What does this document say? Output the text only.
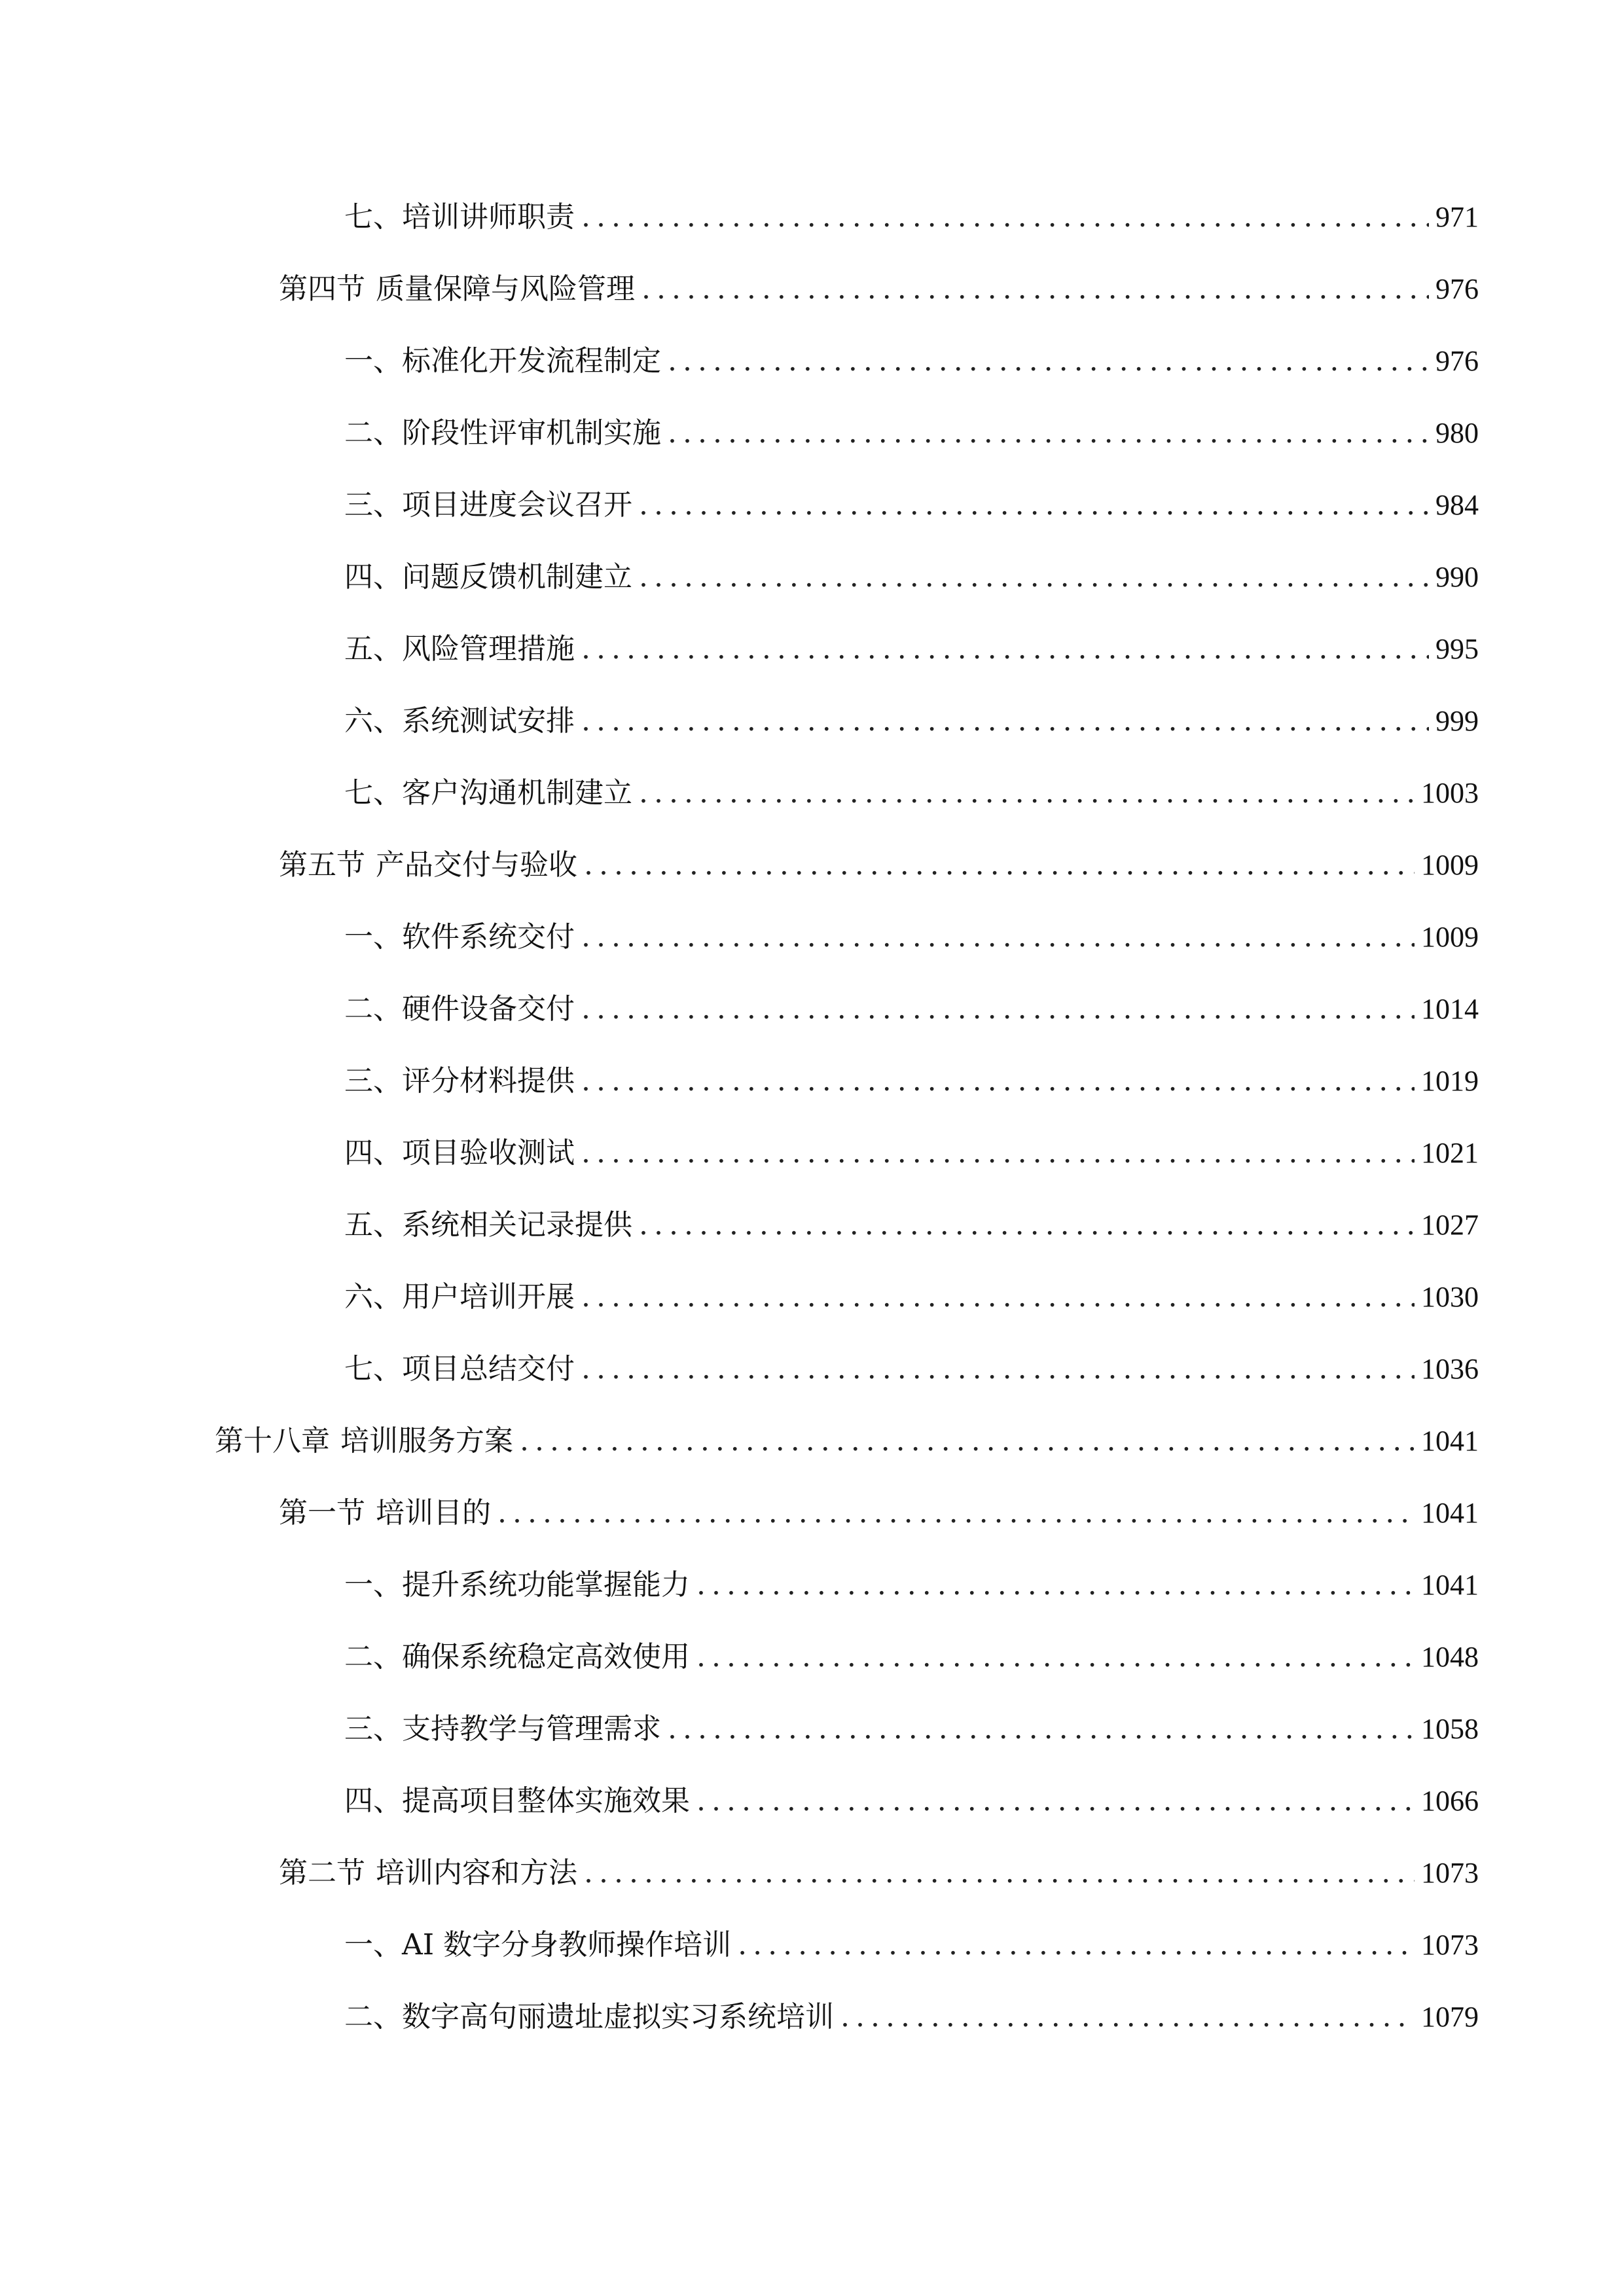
七、 培训讲师职责 .....	971
第四节 质量保障与风险管理 .....	976
一、 标准化开发流程制定 .....	976
二、 阶段性评审机制实施 .....	980
三、 项目进度会议召开 .....	984
四、 问题反馈机制建立 .....	990
五、 风险管理措施 .....	995
六、 系统测试安排 .....	999
七、 客户沟通机制建立 .....	1003
第五节 产品交付与验收 .....	1009
一、 软件系统交付 .....	1009
二、 硬件设备交付 .....	1014
三、 评分材料提供 .....	1019
四、 项目验收测试 .....	1021
五、 系统相关记录提供 .....	1027
六、 用户培训开展 .....	1030
七、 项目总结交付 .....	1036
第十八章 培训服务方案 .....	1041
第一节 培训目的 .....	1041
一、 提升系统功能掌握能力 .....	1041
二、 确保系统稳定高效使用 .....	1048
三、 支持教学与管理需求 .....	1058
四、 提高项目整体实施效果 .....	1066
第二节 培训内容和方法 .....	1073
一、 AI 数字分身教师操作培训 .....	1073
二、 数字高句丽遗址虚拟实习系统培训 .....	1079
